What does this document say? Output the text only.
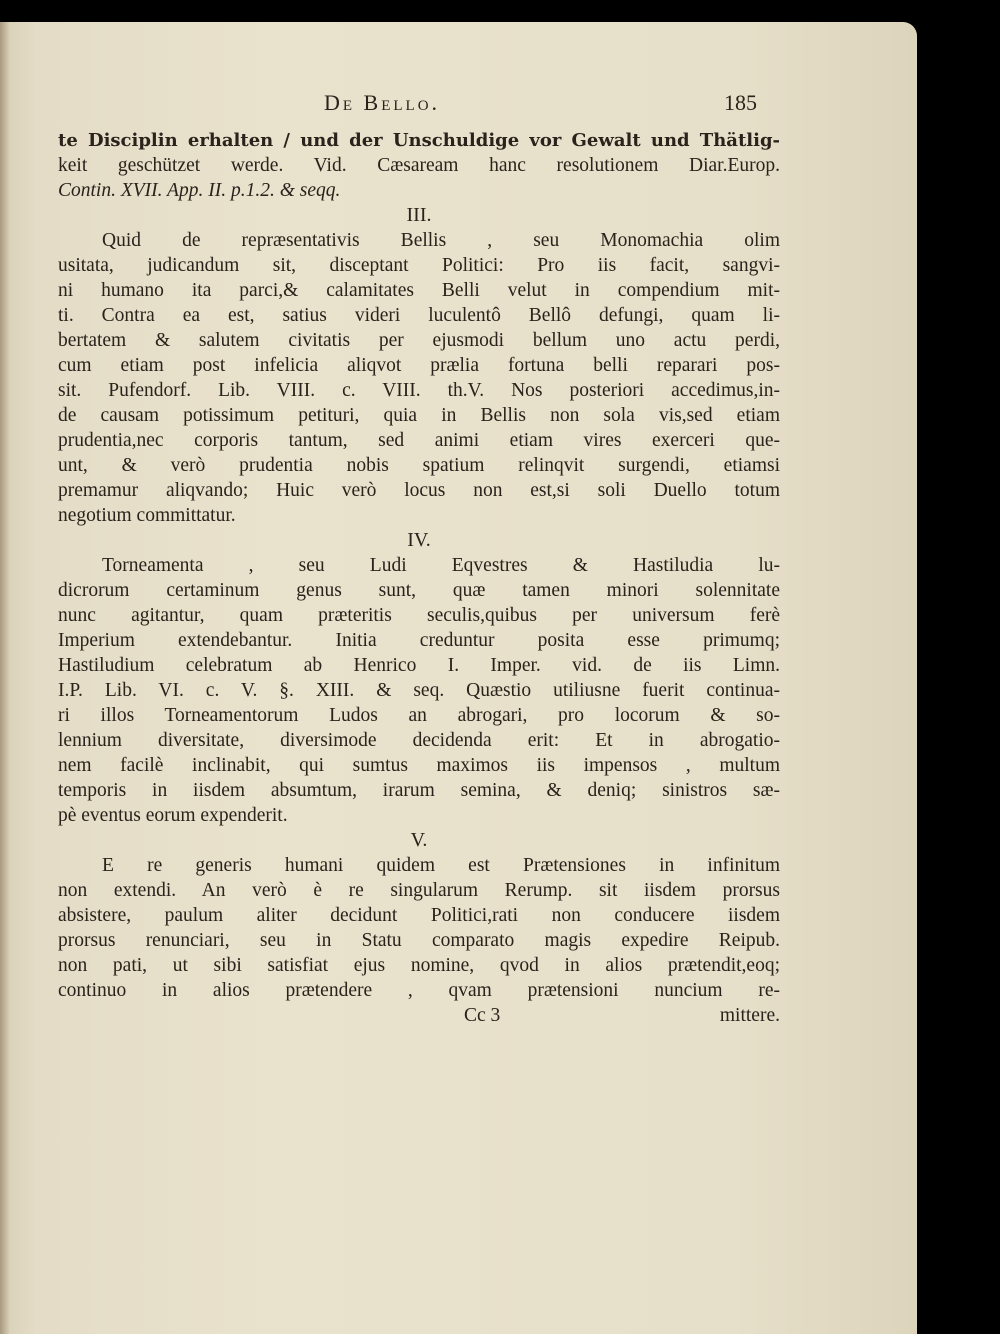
De Bello.	185
te Disciplin erhalten / und der Unschuldige vor Gewalt und Thätlig-
keit geschützet werde. Vid. Cæsaream hanc resolutionem Diar.Europ.
Contin. XVII. App. II. p.1.2. & seqq.
III.
Quid de repræsentativis Bellis , seu Monomachia olim
usitata, judicandum sit, disceptant Politici: Pro iis facit, sangvi-
ni humano ita parci,& calamitates Belli velut in compendium mit-
ti. Contra ea est, satius videri luculentô Bellô defungi, quam li-
bertatem & salutem civitatis per ejusmodi bellum uno actu perdi,
cum etiam post infelicia aliqvot prælia fortuna belli reparari pos-
sit. Pufendorf. Lib. VIII. c. VIII. th.V. Nos posteriori accedimus,in-
de causam potissimum petituri, quia in Bellis non sola vis,sed etiam
prudentia,nec corporis tantum, sed animi etiam vires exerceri que-
unt, & verò prudentia nobis spatium relinqvit surgendi, etiamsi
premamur aliqvando; Huic verò locus non est,si soli Duello totum
negotium committatur.
IV.
Torneamenta , seu Ludi Eqvestres & Hastiludia lu-
dicrorum certaminum genus sunt, quæ tamen minori solennitate
nunc agitantur, quam præteritis seculis,quibus per universum ferè
Imperium extendebantur. Initia creduntur posita esse primumq;
Hastiludium celebratum ab Henrico I. Imper. vid. de iis Limn.
I.P. Lib. VI. c. V. §. XIII. & seq. Quæstio utiliusne fuerit continua-
ri illos Torneamentorum Ludos an abrogari, pro locorum & so-
lennium diversitate, diversimode decidenda erit: Et in abrogatio-
nem facilè inclinabit, qui sumtus maximos iis impensos , multum
temporis in iisdem absumtum, irarum semina, & deniq; sinistros sæ-
pè eventus eorum expenderit.
V.
E re generis humani quidem est Prætensiones in infinitum
non extendi. An verò è re singularum Rerump. sit iisdem prorsus
absistere, paulum aliter decidunt Politici,rati non conducere iisdem
prorsus renunciari, seu in Statu comparato magis expedire Reipub.
non pati, ut sibi satisfiat ejus nomine, qvod in alios prætendit,eoq;
continuo in alios prætendere , qvam prætensioni nuncium re-
Cc 3	mittere.
